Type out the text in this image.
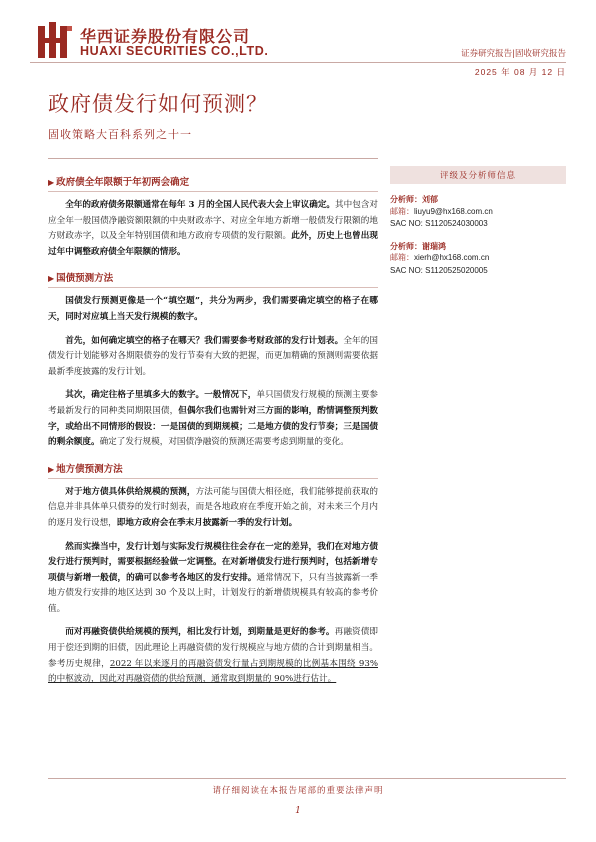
华西证券股份有限公司
HUAXI SECURITIES CO.,LTD.	证券研究报告|固收研究报告
2025 年 08 月 12 日
政府债发行如何预测？
固收策略大百科系列之十一
▶ 政府债全年限额于年初两会确定

全年的政府债务限额通常在每年 3 月的全国人民代表大会上审议确定。其中包含对应全年一般国债净融资额限额的中央财政赤字、对应全年地方新增一般债发行限额的地方财政赤字，以及全年特别国债和地方政府专项债的发行限额。此外，历史上也曾出现过年中调整政府债全年限额的情形。

▶ 国债预测方法

国债发行预测更像是一个“填空题”，共分为两步，我们需要确定填空的格子在哪天，同时对应填上当天发行规模的数字。

首先，如何确定填空的格子在哪天？我们需要参考财政部的发行计划表。全年的国债发行计划能够对各期限债券的发行节奏有大致的把握，而更加精确的预测则需要依据最新季度披露的发行计划。

其次，确定往格子里填多大的数字。一般情况下，单只国债发行规模的预测主要参考最新发行的同种类同期限国债，但偶尔我们也需针对三方面的影响，酌情调整预判数字，或给出不同情形的假设：一是国债的到期规模；二是地方债的发行节奏；三是国债的剩余额度。确定了发行规模，对国债净融资的预测还需要考虑到期量的变化。

▶ 地方债预测方法

对于地方债具体供给规模的预测，方法可能与国债大相径庭，我们能够提前获取的信息并非具体单只债券的发行时刻表，而是各地政府在季度开始之前，对未来三个月内的逐月发行设想，即地方政府会在季末月披露新一季的发行计划。

然而实操当中，发行计划与实际发行规模往往会存在一定的差异，我们在对地方债发行进行预判时，需要根据经验做一定调整。在对新增债发行进行预判时，包括新增专项债与新增一般债，的确可以参考各地区的发行安排。通常情况下，只有当披露新一季地方债发行安排的地区达到 30 个及以上时，计划发行的新增债规模具有较高的参考价值。

而对再融资债供给规模的预判，相比发行计划，到期量是更好的参考。再融资债即用于偿还到期的旧债，因此理论上再融资债的发行规模应与地方债的合计到期量相当。参考历史规律，2022 年以来逐月的再融资债发行量占到期规模的比例基本围绕 93%的中枢波动，因此对再融资债的供给预测，通常取到期量的 90%进行估计。

评级及分析师信息
分析师：刘郁
邮箱：liuyu9@hx168.com.cn
SAC NO: S1120524030003
分析师：谢瑞鸿
邮箱：xierh@hx168.com.cn
SAC NO: S1120525020005
请仔细阅读在本报告尾部的重要法律声明
1
